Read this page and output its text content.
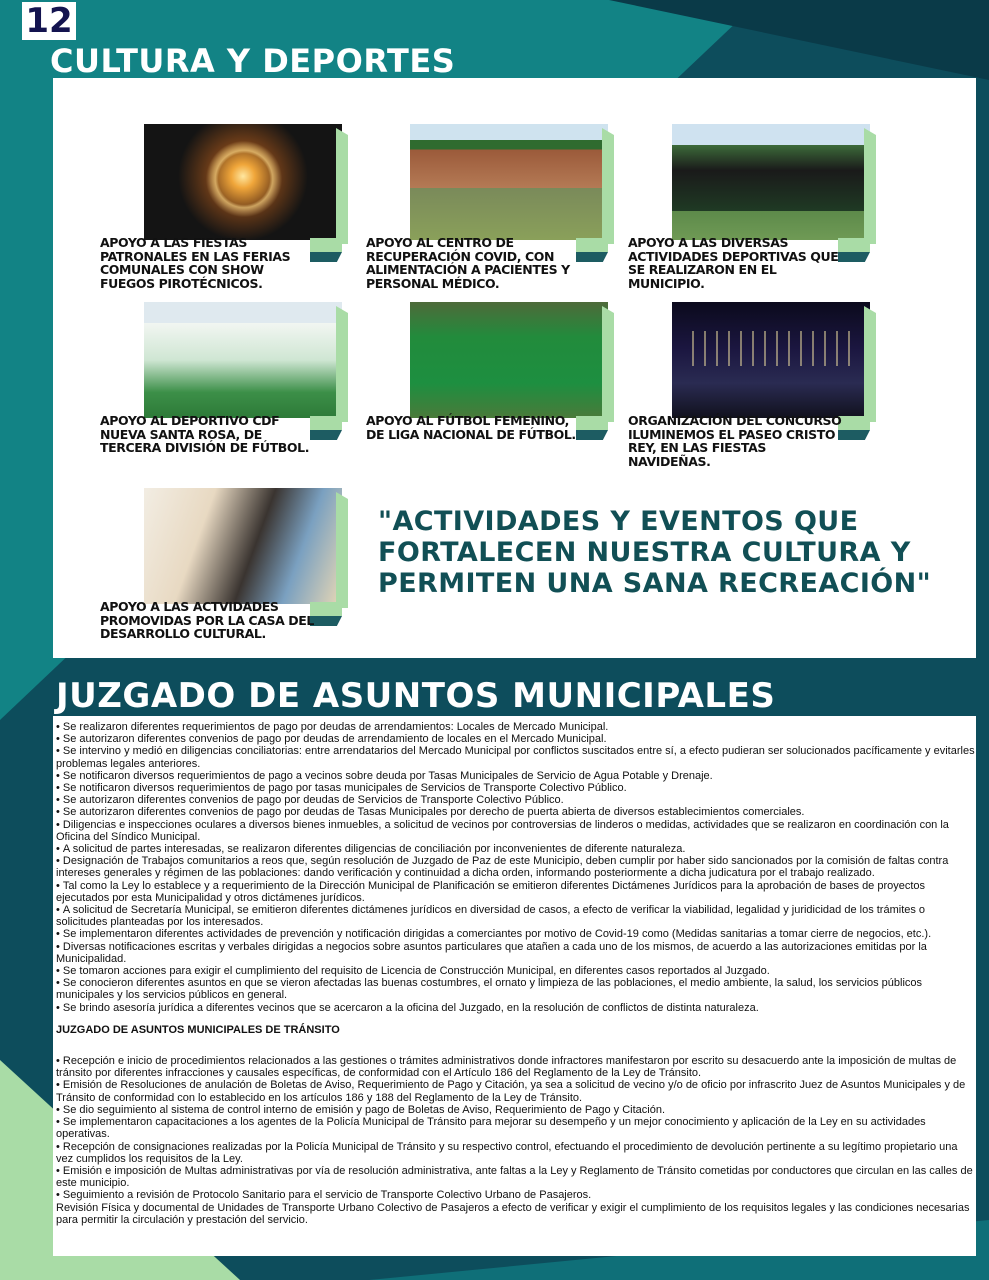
12
CULTURA Y DEPORTES
APOYO A LAS FIESTAS PATRONALES EN LAS FERIAS COMUNALES CON SHOW FUEGOS PIROTÉCNICOS.
APOYO AL CENTRO DE RECUPERACIÓN COVID, CON ALIMENTACIÓN A PACIENTES Y PERSONAL MÉDICO.
APOYO A LAS DIVERSAS ACTIVIDADES DEPORTIVAS QUE SE REALIZARON EN EL MUNICIPIO.
APOYO AL DEPORTIVO CDF NUEVA SANTA ROSA, DE TERCERA DIVISIÓN DE FÚTBOL.
APOYO AL FÚTBOL FEMENINO, DE LIGA NACIONAL DE FÚTBOL.
ORGANIZACIÓN DEL CONCURSO ILUMINEMOS EL PASEO CRISTO REY, EN LAS FIESTAS NAVIDEÑAS.
APOYO A LAS ACTVIDADES PROMOVIDAS POR LA CASA DEL DESARROLLO CULTURAL.
"ACTIVIDADES Y EVENTOS QUE FORTALECEN NUESTRA CULTURA Y PERMITEN UNA SANA RECREACIÓN"
JUZGADO DE ASUNTOS MUNICIPALES

• Se realizaron diferentes requerimientos de pago por deudas de arrendamientos: Locales de Mercado Municipal.

• Se autorizaron diferentes convenios de pago por deudas de arrendamiento de locales en el Mercado Municipal.

• Se intervino y medió en diligencias conciliatorias: entre arrendatarios del Mercado Municipal por conflictos suscitados entre sí, a efecto pudieran ser solucionados pacíficamente y evitarles problemas legales anteriores.

• Se notificaron diversos requerimientos de pago a vecinos sobre deuda por Tasas Municipales de Servicio de Agua Potable y Drenaje.

• Se notificaron diversos requerimientos de pago por tasas municipales de Servicios de Transporte Colectivo Público.

• Se autorizaron diferentes convenios de pago por deudas de Servicios de Transporte Colectivo Público.

• Se autorizaron diferentes convenios de pago por deudas de Tasas Municipales por derecho de puerta abierta de diversos establecimientos comerciales.

• Diligencias e inspecciones oculares a diversos bienes inmuebles, a solicitud de vecinos por controversias de linderos o medidas, actividades que se realizaron en coordinación con la Oficina del Síndico Municipal.

• A solicitud de partes interesadas, se realizaron diferentes diligencias de conciliación por inconvenientes de diferente naturaleza.

• Designación de Trabajos comunitarios a reos que, según resolución de Juzgado de Paz de este Municipio, deben cumplir por haber sido sancionados por la comisión de faltas contra intereses generales y régimen de las poblaciones: dando verificación y continuidad a dicha orden, informando posteriormente a dicha judicatura por el trabajo realizado.

• Tal como la Ley lo establece y a requerimiento de la Dirección Municipal de Planificación se emitieron diferentes Dictámenes Jurídicos para la aprobación de bases de proyectos ejecutados por esta Municipalidad y otros dictámenes jurídicos.

• A solicitud de Secretaría Municipal, se emitieron diferentes dictámenes jurídicos en diversidad de casos, a efecto de verificar la viabilidad, legalidad y juridicidad de los trámites o solicitudes planteadas por los interesados.

• Se implementaron diferentes actividades de prevención y notificación dirigidas a comerciantes por motivo de Covid-19 como (Medidas sanitarias a tomar cierre de negocios, etc.).

• Diversas notificaciones escritas y verbales dirigidas a negocios sobre asuntos particulares que atañen a cada uno de los mismos, de acuerdo a las autorizaciones emitidas por la Municipalidad.

• Se tomaron acciones para exigir el cumplimiento del requisito de Licencia de Construcción Municipal, en diferentes casos reportados al Juzgado.

• Se conocieron diferentes asuntos en que se vieron afectadas las buenas costumbres, el ornato y limpieza de las poblaciones, el medio ambiente, la salud, los servicios públicos municipales y los servicios públicos en general.

• Se brindo asesoría jurídica a diferentes vecinos que se acercaron a la oficina del Juzgado, en la resolución de conflictos de distinta naturaleza.

JUZGADO DE ASUNTOS MUNICIPALES DE TRÁNSITO

• Recepción e inicio de procedimientos relacionados a las gestiones o trámites administrativos donde infractores manifestaron por escrito su desacuerdo ante la imposición de multas de tránsito por diferentes infracciones y causales específicas, de conformidad con el Artículo 186 del Reglamento de la Ley de Tránsito.

• Emisión de Resoluciones de anulación de Boletas de Aviso, Requerimiento de Pago y Citación, ya sea a solicitud de vecino y/o de oficio por infrascrito Juez de Asuntos Municipales y de Tránsito de conformidad con lo establecido en los artículos 186 y 188 del Reglamento de la Ley de Tránsito.

• Se dio seguimiento al sistema de control interno de emisión y pago de Boletas de Aviso, Requerimiento de Pago y Citación.

• Se implementaron capacitaciones a los agentes de la Policía Municipal de Tránsito para mejorar su desempeño y un mejor conocimiento y aplicación de la Ley en su actividades operativas.

• Recepción de consignaciones realizadas por la Policía Municipal de Tránsito y su respectivo control, efectuando el procedimiento de devolución pertinente a su legítimo propietario una vez cumplidos los requisitos de la Ley.

• Emisión e imposición de Multas administrativas por vía de resolución administrativa, ante faltas a la Ley y Reglamento de Tránsito cometidas por conductores que circulan en las calles de este municipio.

• Seguimiento a revisión de Protocolo Sanitario para el servicio de Transporte Colectivo Urbano de Pasajeros.

Revisión Física y documental de Unidades de Transporte Urbano Colectivo de Pasajeros a efecto de verificar y exigir el cumplimiento de los requisitos legales y las condiciones necesarias para permitir la circulación y prestación del servicio.
